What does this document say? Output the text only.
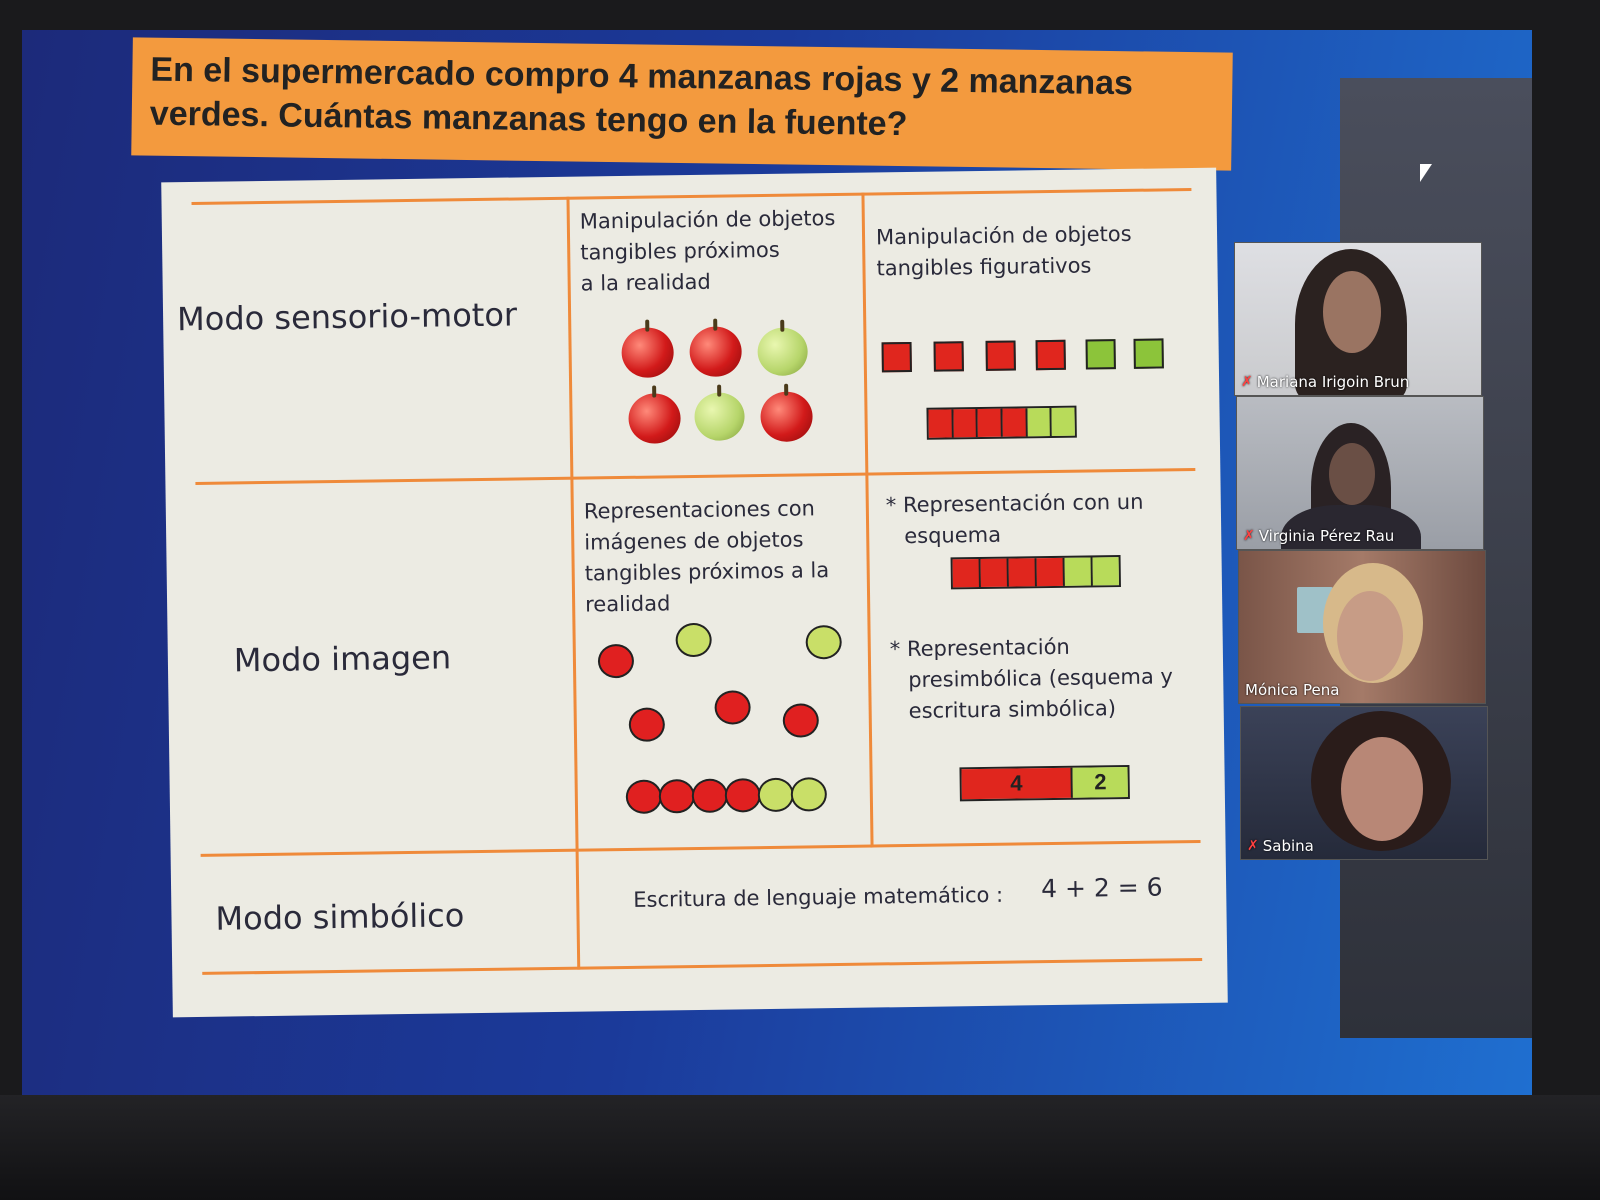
En el supermercado compro 4 manzanas rojas y 2 manzanas
verdes. Cuántas manzanas tengo en la fuente?
Modo sensorio-motor
Modo imagen
Modo simbólico
Manipulación de objetos
tangibles próximos
a la realidad
Manipulación de objetos
tangibles figurativos
Representaciones con
imágenes de objetos
tangibles próximos a la
realidad
* Representación con un
esquema
* Representación
presimbólica (esquema y
escritura simbólica)
4	2
Escritura de lenguaje matemático : 4 + 2 = 6
✗ Mariana Irigoin Brun
✗ Virginia Pérez Rau
Mónica Pena
✗ Sabina
